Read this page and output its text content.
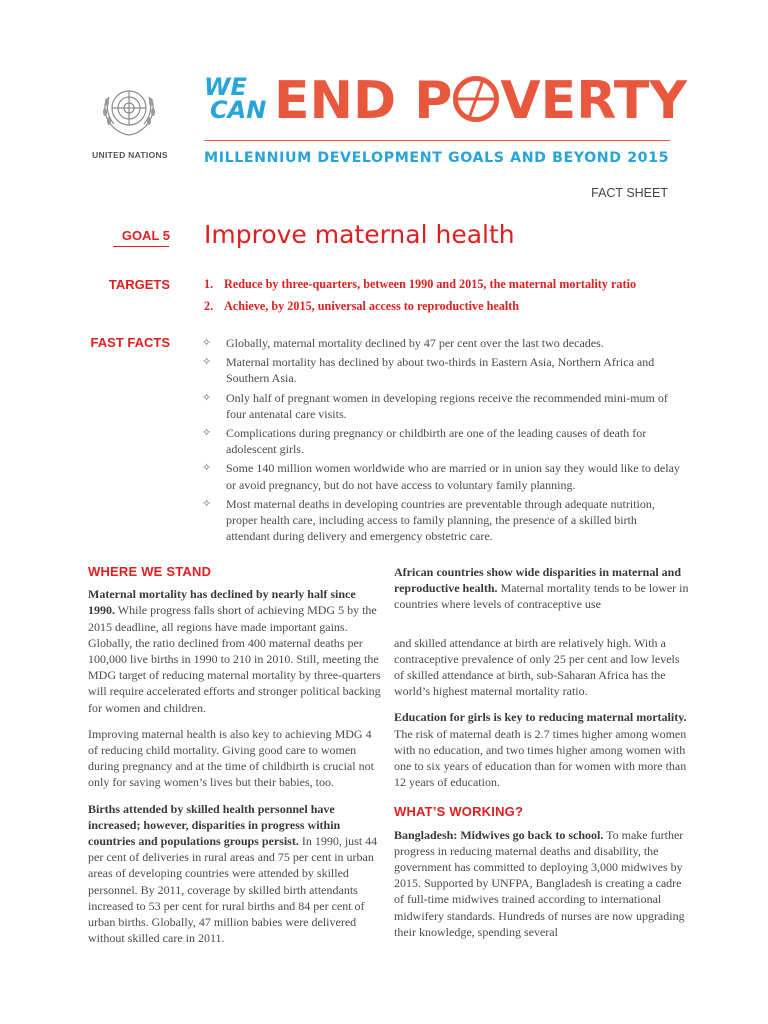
UNITED NATIONS
WE
CAN END P VERTY
MILLENNIUM DEVELOPMENT GOALS AND BEYOND 2015
FACT SHEET
GOAL 5 Improve maternal health
TARGETS	1. Reduce by three-quarters, between 1990 and 2015, the maternal mortality ratio
2. Achieve, by 2015, universal access to reproductive health
FAST FACTS	✧ Globally, maternal mortality declined by 47 per cent over the last two decades.
✧ Maternal mortality has declined by about two-thirds in Eastern Asia, Northern Africa and Southern Asia.
✧ Only half of pregnant women in developing regions receive the recommended mini-mum of four antenatal care visits.
✧ Complications during pregnancy or childbirth are one of the leading causes of death for adolescent girls.
✧ Some 140 million women worldwide who are married or in union say they would like to delay or avoid pregnancy, but do not have access to voluntary family planning.
✧ Most maternal deaths in developing countries are preventable through adequate nutrition, proper health care, including access to family planning, the presence of a skilled birth attendant during delivery and emergency obstetric care.
WHERE WE STAND

Maternal mortality has declined by nearly half since 1990. While progress falls short of achieving MDG 5 by the 2015 deadline, all regions have made important gains. Globally, the ratio declined from 400 maternal deaths per 100,000 live births in 1990 to 210 in 2010. Still, meeting the MDG target of reducing maternal mortality by three-quarters will require accelerated efforts and stronger political backing for women and children.

Improving maternal health is also key to achieving MDG 4 of reducing child mortality. Giving good care to women during pregnancy and at the time of childbirth is crucial not only for saving women’s lives but their babies, too.

Births attended by skilled health personnel have increased; however, disparities in progress within countries and populations groups persist. In 1990, just 44 per cent of deliveries in rural areas and 75 per cent in urban areas of developing countries were attended by skilled personnel. By 2011, coverage by skilled birth attendants increased to 53 per cent for rural births and 84 per cent of urban births. Globally, 47 million babies were delivered without skilled care in 2011.

African countries show wide disparities in maternal and reproductive health. Maternal mortality tends to be lower in countries where levels of contraceptive use

and skilled attendance at birth are relatively high. With a contraceptive prevalence of only 25 per cent and low levels of skilled attendance at birth, sub-Saharan Africa has the world’s highest maternal mortality ratio.

Education for girls is key to reducing maternal mortality. The risk of maternal death is 2.7 times higher among women with no education, and two times higher among women with one to six years of education than for women with more than 12 years of education.

WHAT’S WORKING?

Bangladesh: Midwives go back to school. To make further progress in reducing maternal deaths and disability, the government has committed to deploying 3,000 midwives by 2015. Supported by UNFPA, Bangladesh is creating a cadre of full-time midwives trained according to international midwifery standards. Hundreds of nurses are now upgrading their knowledge, spending several
